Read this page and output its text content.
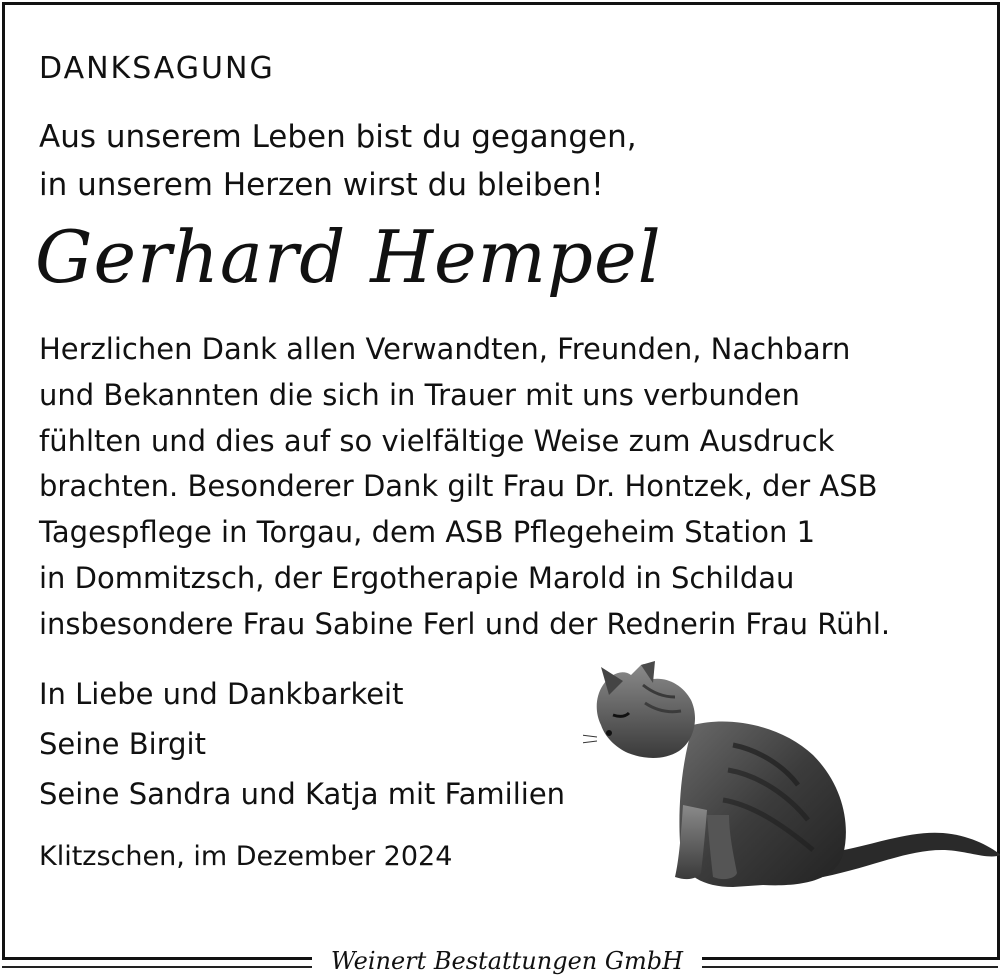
DANKSAGUNG
Aus unserem Leben bist du gegangen,
in unserem Herzen wirst du bleiben!
Gerhard Hempel
Herzlichen Dank allen Verwandten, Freunden, Nachbarn
und Bekannten die sich in Trauer mit uns verbunden
fühlten und dies auf so vielfältige Weise zum Ausdruck
brachten. Besonderer Dank gilt Frau Dr. Hontzek, der ASB
Tagespflege in Torgau, dem ASB Pflegeheim Station 1
in Dommitzsch, der Ergotherapie Marold in Schildau
insbesondere Frau Sabine Ferl und der Rednerin Frau Rühl.
In Liebe und Dankbarkeit
Seine Birgit
Seine Sandra und Katja mit Familien
Klitzschen, im Dezember 2024
Weinert Bestattungen GmbH
